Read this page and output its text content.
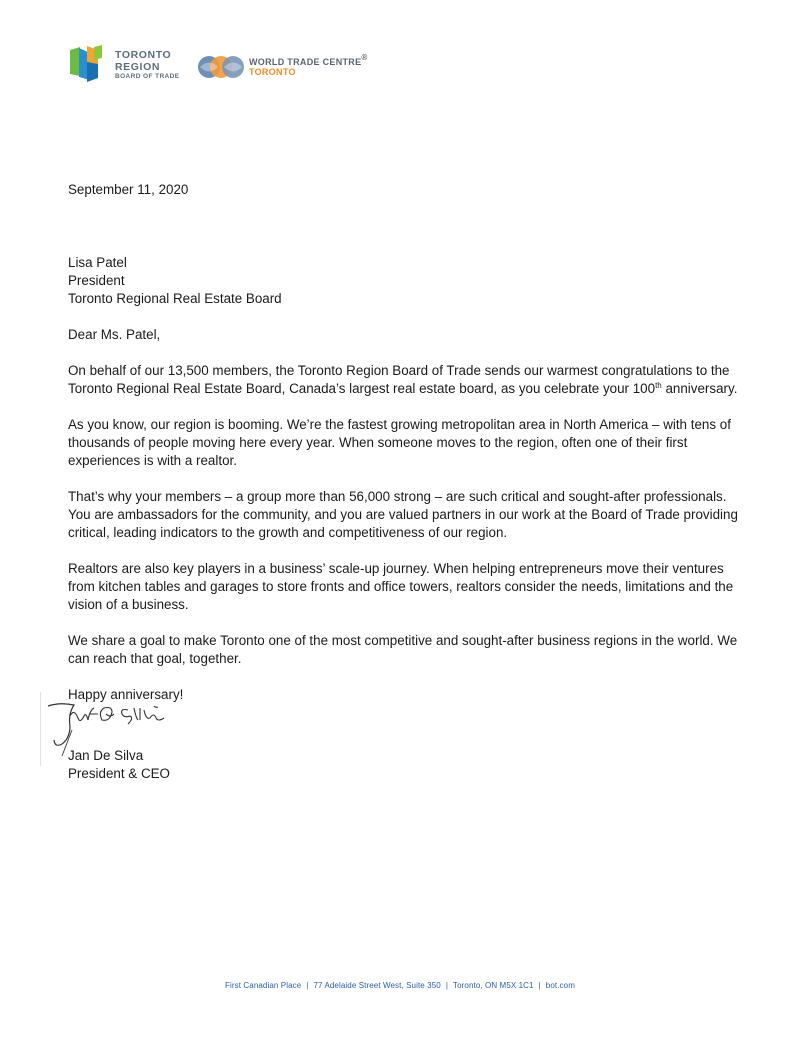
TORONTO
REGION
BOARD OF TRADE
WORLD TRADE CENTRE®
TORONTO

September 11, 2020

Lisa Patel
President
Toronto Regional Real Estate Board
Dear Ms. Patel,

On behalf of our 13,500 members, the Toronto Region Board of Trade sends our warmest congratulations to the Toronto Regional Real Estate Board, Canada’s largest real estate board, as you celebrate your 100th anniversary.

As you know, our region is booming. We’re the fastest growing metropolitan area in North America – with tens of thousands of people moving here every year. When someone moves to the region, often one of their first experiences is with a realtor.

That’s why your members – a group more than 56,000 strong – are such critical and sought-after professionals. You are ambassadors for the community, and you are valued partners in our work at the Board of Trade providing critical, leading indicators to the growth and competitiveness of our region.

Realtors are also key players in a business’ scale-up journey. When helping entrepreneurs move their ventures from kitchen tables and garages to store fronts and office towers, realtors consider the needs, limitations and the vision of a business.

We share a goal to make Toronto one of the most competitive and sought-after business regions in the world. We can reach that goal, together.

Happy anniversary!
Jan De Silva
President & CEO
First Canadian Place | 77 Adelaide Street West, Suite 350 | Toronto, ON M5X 1C1 | bot.com
